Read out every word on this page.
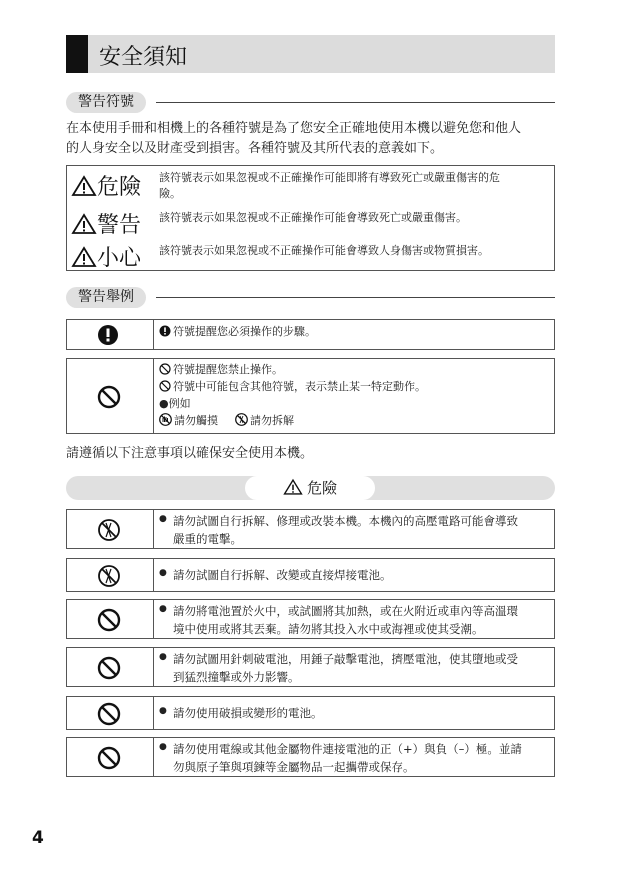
安全須知
警告符號
在本使用手冊和相機上的各種符號是為了您安全正確地使用本機以避免您和他人
的人身安全以及財產受到損害。各種符號及其所代表的意義如下。
危險 該符號表示如果忽視或不正確操作可能即將有導致死亡或嚴重傷害的危
險。
警告 該符號表示如果忽視或不正確操作可能會導致死亡或嚴重傷害。
小心 該符號表示如果忽視或不正確操作可能會導致人身傷害或物質損害。
警告舉例
符號提醒您必須操作的步驟。
符號提醒您禁止操作。
符號中可能包含其他符號，表示禁止某一特定動作。
●例如
請勿觸摸	請勿拆解
請遵循以下注意事項以確保安全使用本機。
危險
● 請勿試圖自行拆解、修理或改裝本機。本機內的高壓電路可能會導致
嚴重的電擊。
● 請勿試圖自行拆解、改變或直接焊接電池。
● 請勿將電池置於火中，或試圖將其加熱，或在火附近或車內等高溫環
境中使用或將其丟棄。請勿將其投入水中或海裡或使其受潮。
● 請勿試圖用針刺破電池，用錘子敲擊電池，擠壓電池，使其墮地或受
到猛烈撞擊或外力影響。
● 請勿使用破損或變形的電池。
● 請勿使用電線或其他金屬物件連接電池的正（+）與負（–）極。並請
勿與原子筆與項鍊等金屬物品一起攜帶或保存。
4
